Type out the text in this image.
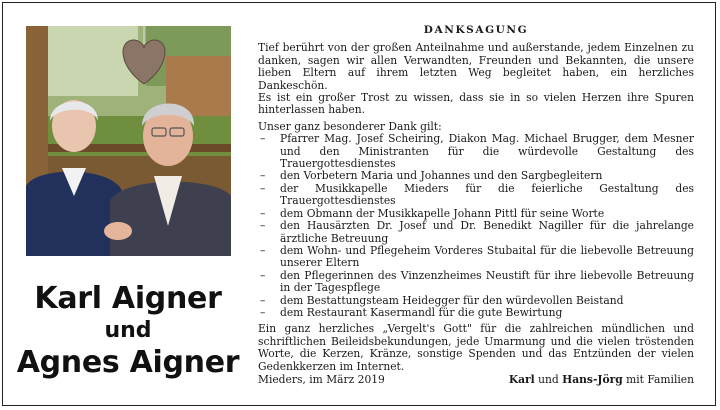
Karl Aigner
und
Agnes Aigner
DANKSAGUNG

Tief berührt von der großen Anteilnahme und außerstande, jedem Einzelnen zu danken, sagen wir allen Verwandten, Freunden und Bekannten, die unsere lieben Eltern auf ihrem letzten Weg begleitet haben, ein herzliches Dankeschön.

Es ist ein großer Trost zu wissen, dass sie in so vielen Herzen ihre Spuren hinterlassen haben.

Unser ganz besonderer Dank gilt:

– Pfarrer Mag. Josef Scheiring, Diakon Mag. Michael Brugger, dem Mesner und den Ministranten für die würdevolle Gestaltung des Trauergottesdienstes
– den Vorbetern Maria und Johannes und den Sargbegleitern
– der Musikkapelle Mieders für die feierliche Gestaltung des Trauergottesdienstes
– dem Obmann der Musikkapelle Johann Pittl für seine Worte
– den Hausärzten Dr. Josef und Dr. Benedikt Nagiller für die jahrelange ärztliche Betreuung
– dem Wohn- und Pflegeheim Vorderes Stubaital für die liebevolle Betreuung unserer Eltern
– den Pflegerinnen des Vinzenzheimes Neustift für ihre liebevolle Betreuung in der Tagespflege
– dem Bestattungsteam Heidegger für den würdevollen Beistand
– dem Restaurant Kasermandl für die gute Bewirtung

Ein ganz herzliches „Vergelt's Gott" für die zahlreichen mündlichen und schriftlichen Beileidsbekundungen, jede Umarmung und die vielen tröstenden Worte, die Kerzen, Kränze, sonstige Spenden und das Entzünden der vielen Gedenkkerzen im Internet.

Mieders, im März 2019	Karl und Hans-Jörg mit Familien
